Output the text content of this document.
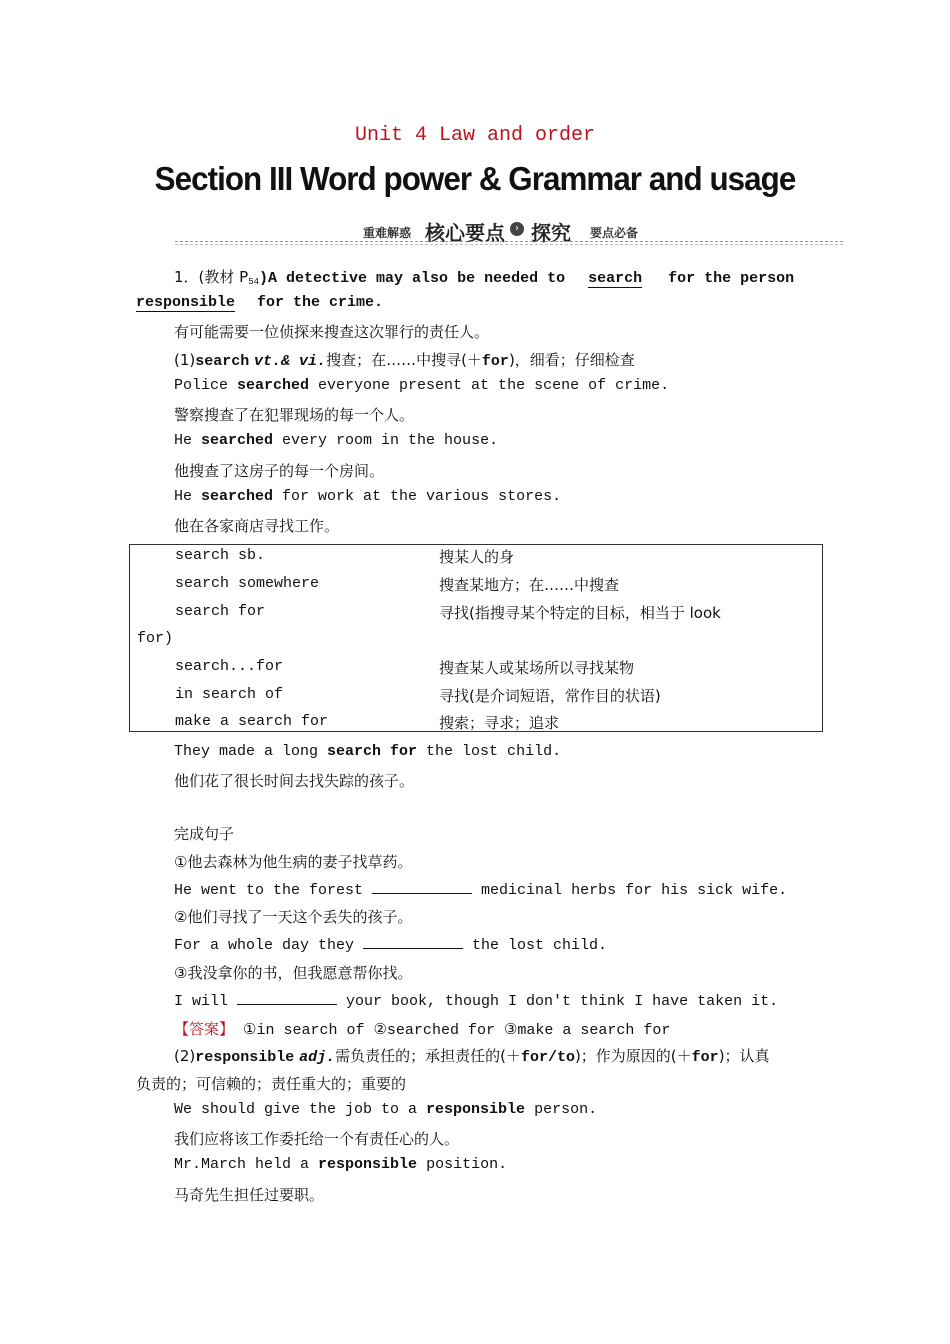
Unit 4 Law and order
Section III Word power & Grammar and usage
重难解惑 核心要点	› 探究 要点必备
1．(教材 P54)A detective may also be needed to search for the person
responsible for the crime.
有可能需要一位侦探来搜查这次罪行的责任人。
(1)search vt.& vi.搜查；在……中搜寻(＋for)，细看；仔细检查
Police searched everyone present at the scene of crime.
警察搜查了在犯罪现场的每一个人。
He searched every room in the house.
他搜查了这房子的每一个房间。
He searched for work at the various stores.
他在各家商店寻找工作。
search sb.	搜某人的身
search somewhere	搜查某地方；在……中搜查
search for	寻找(指搜寻某个特定的目标，相当于 look
for)
search...for	搜查某人或某场所以寻找某物
in search of	寻找(是介词短语，常作目的状语)
make a search for	搜索；寻求；追求
They made a long search for the lost child.
他们花了很长时间去找失踪的孩子。
完成句子
①他去森林为他生病的妻子找草药。
He went to the forest	medicinal herbs for his sick wife.
②他们寻找了一天这个丢失的孩子。
For a whole day they	the lost child.
③我没拿你的书，但我愿意帮你找。
I will	your book, though I don't think I have taken it.
【答案】 ①in search of ②searched for ③make a search for
(2)responsible adj.需负责任的；承担责任的(＋for/to)；作为原因的(＋for)；认真
负责的；可信赖的；责任重大的；重要的
We should give the job to a responsible person.
我们应将该工作委托给一个有责任心的人。
Mr.March held a responsible position.
马奇先生担任过要职。
